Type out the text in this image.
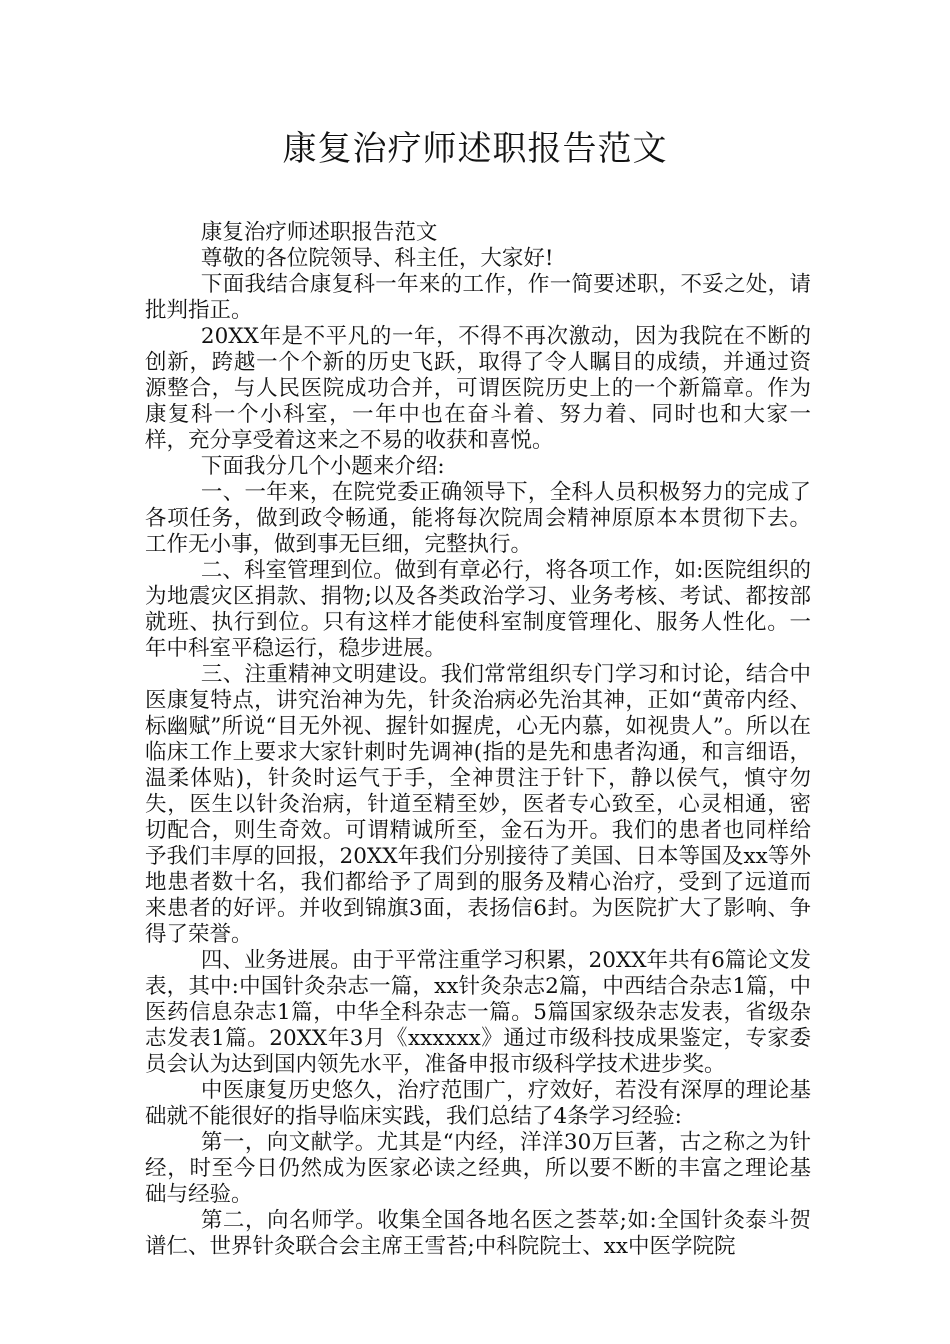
康复治疗师述职报告范文

康复治疗师述职报告范文

尊敬的各位院领导、科主任，大家好!

下面我结合康复科一年来的工作，作一简要述职，不妥之处，请批判指正。

20XX年是不平凡的一年，不得不再次激动，因为我院在不断的创新，跨越一个个新的历史飞跃，取得了令人瞩目的成绩，并通过资源整合，与人民医院成功合并，可谓医院历史上的一个新篇章。作为康复科一个小科室，一年中也在奋斗着、努力着、同时也和大家一样，充分享受着这来之不易的收获和喜悦。

下面我分几个小题来介绍:

一、一年来，在院党委正确领导下，全科人员积极努力的完成了各项任务，做到政令畅通，能将每次院周会精神原原本本贯彻下去。工作无小事，做到事无巨细，完整执行。

二、科室管理到位。做到有章必行，将各项工作，如:医院组织的为地震灾区捐款、捐物;以及各类政治学习、业务考核、考试、都按部就班、执行到位。只有这样才能使科室制度管理化、服务人性化。一年中科室平稳运行，稳步进展。

三、注重精神文明建设。我们常常组织专门学习和讨论，结合中医康复特点，讲究治神为先，针灸治病必先治其神，正如“黄帝内经、标幽赋”所说“目无外视、握针如握虎，心无内慕，如视贵人”。所以在临床工作上要求大家针刺时先调神(指的是先和患者沟通，和言细语，温柔体贴)，针灸时运气于手，全神贯注于针下，静以侯气，慎守勿失，医生以针灸治病，针道至精至妙，医者专心致至，心灵相通，密切配合，则生奇效。可谓精诚所至，金石为开。我们的患者也同样给予我们丰厚的回报，20XX年我们分别接待了美国、日本等国及xx等外地患者数十名，我们都给予了周到的服务及精心治疗，受到了远道而来患者的好评。并收到锦旗3面，表扬信6封。为医院扩大了影响、争得了荣誉。

四、业务进展。由于平常注重学习积累，20XX年共有6篇论文发表，其中:中国针灸杂志一篇，xx针灸杂志2篇，中西结合杂志1篇，中医药信息杂志1篇，中华全科杂志一篇。5篇国家级杂志发表，省级杂志发表1篇。20XX年3月《xxxxxx》通过市级科技成果鉴定，专家委员会认为达到国内领先水平，准备申报市级科学技术进步奖。

中医康复历史悠久，治疗范围广，疗效好，若没有深厚的理论基础就不能很好的指导临床实践，我们总结了4条学习经验:

第一，向文献学。尤其是“内经，洋洋30万巨著，古之称之为针经，时至今日仍然成为医家必读之经典，所以要不断的丰富之理论基础与经验。

第二，向名师学。收集全国各地名医之荟萃;如:全国针灸泰斗贺谱仁、世界针灸联合会主席王雪苔;中科院院士、xx中医学院院
